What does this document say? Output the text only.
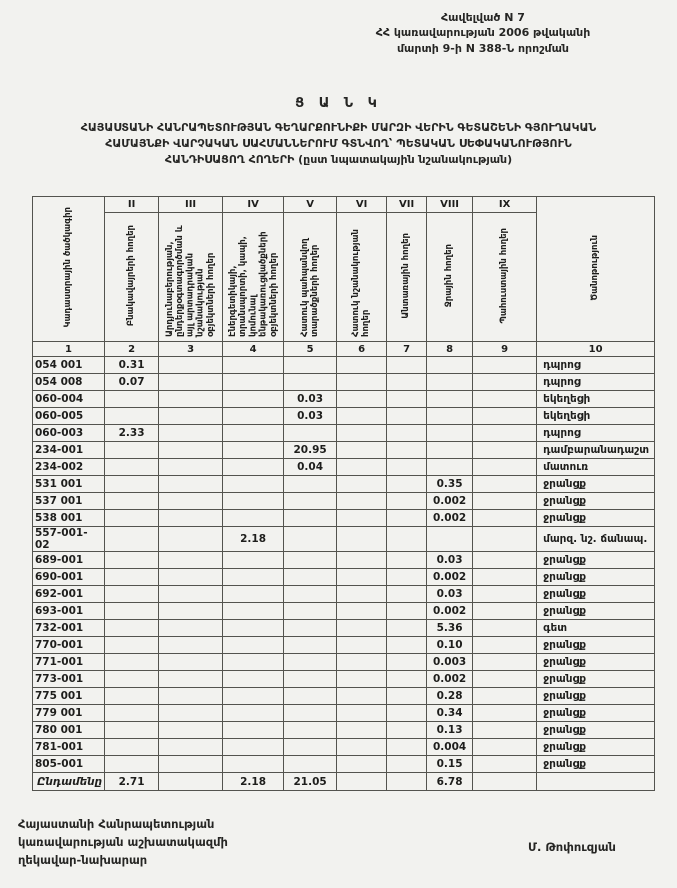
Հավելված N 7
ՀՀ կառավարության 2006 թվականի
մարտի 9-ի N 388-Ն որոշման
Ց Ա Ն Կ
ՀԱՅԱՍՏԱՆԻ ՀԱՆՐԱՊԵՏՈՒԹՅԱՆ ԳԵՂԱՐՔՈՒՆԻՔԻ ՄԱՐԶԻ ՎԵՐԻՆ ԳԵՏԱՇԵՆԻ ԳՅՈՒՂԱԿԱՆ
ՀԱՄԱՅՆՔԻ ՎԱՐՉԱԿԱՆ ՍԱՀՄԱՆՆԵՐՈՒՄ ԳՏՆՎՈՂ՝ ՊԵՏԱԿԱՆ ՍԵՓԱԿԱՆՈՒԹՅՈՒՆ
ՀԱՆԴԻՍԱՑՈՂ ՀՈՂԵՐԻ (ըստ նպատակային նշանակության)
Կադաստրային ծածկագիր	II	III	IV	V	VI	VII	VIII	IX	Ծանոթություն
	Բնակավայրերի հողեր	Արդյունաբերության, ընդերքօգտագործման և այլ արտադրական նշանակության օբյեկտների հողեր	Էներգետիկայի, տրանսպորտի, կապի, կոմունալ ենթակառուցվածքների օբյեկտների հողեր	Հատուկ պահպանվող տարածքների հողեր	Հատուկ նշանակության հողեր	Անտառային հողեր	Ջրային հողեր	Պահուստային հողեր	
1	2	3	4	5	6	7	8	9	10
054 001	0.31								դպրոց
054 008	0.07								դպրոց
060-004				0.03					եկեղեցի
060-005				0.03					եկեղեցի
060-003	2.33								դպրոց
234-001				20.95					դամբարանադաշտ
234-002				0.04					մատուռ
531 001							0.35		ջրանցք
537 001							0.002		ջրանցք
538 001							0.002		ջրանցք
557-001-02			2.18						մարզ. նշ. ճանապ.
689-001							0.03		ջրանցք
690-001							0.002		ջրանցք
692-001							0.03		ջրանցք
693-001							0.002		ջրանցք
732-001							5.36		գետ
770-001							0.10		ջրանցք
771-001							0.003		ջրանցք
773-001							0.002		ջրանցք
775 001							0.28		ջրանցք
779 001							0.34		ջրանցք
780 001							0.13		ջրանցք
781-001							0.004		ջրանցք
805-001							0.15		ջրանցք
Ընդամենը	2.71		2.18	21.05			6.78		
Հայաստանի Հանրապետության
կառավարության աշխատակազմի
ղեկավար-նախարար
Մ. Թոփուզյան
